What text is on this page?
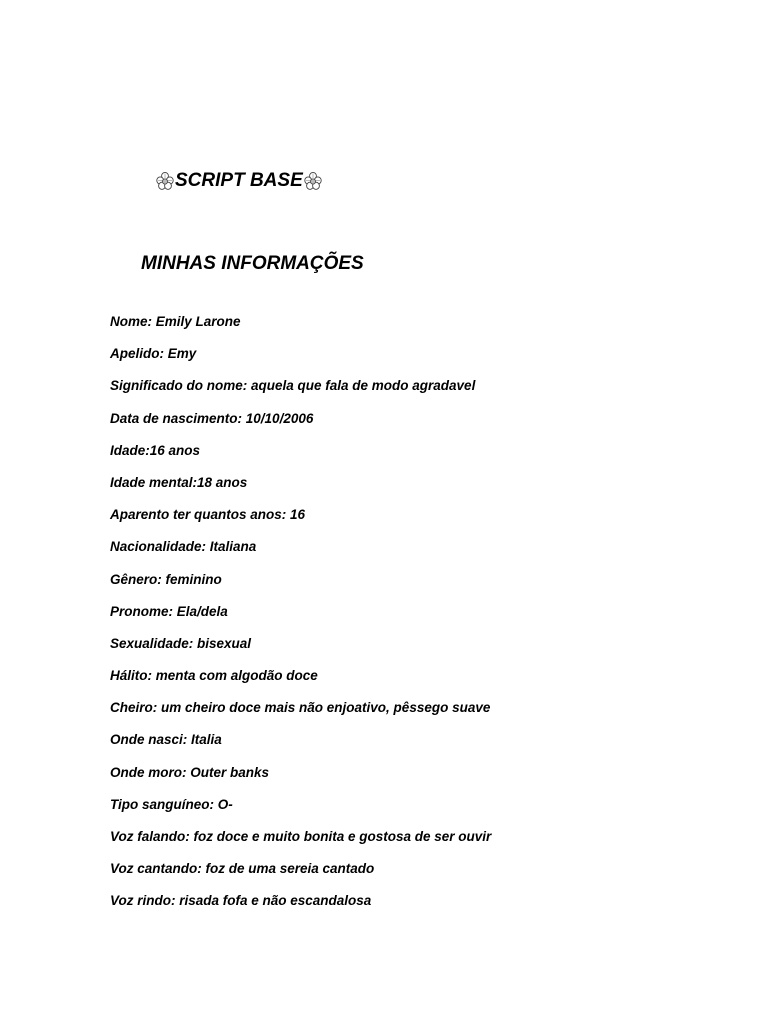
SCRIPT BASE
MINHAS INFORMAÇÕES
Nome: Emily Larone
Apelido: Emy
Significado do nome: aquela que fala de modo agradavel
Data de nascimento: 10/10/2006
Idade:16 anos
Idade mental:18 anos
Aparento ter quantos anos: 16
Nacionalidade: Italiana
Gênero: feminino
Pronome: Ela/dela
Sexualidade: bisexual
Hálito: menta com algodão doce
Cheiro: um cheiro doce mais não enjoativo, pêssego suave
Onde nasci: Italia
Onde moro: Outer banks
Tipo sanguíneo: O-
Voz falando: foz doce e muito bonita e gostosa de ser ouvir
Voz cantando: foz de uma sereia cantado
Voz rindo: risada fofa e não escandalosa
